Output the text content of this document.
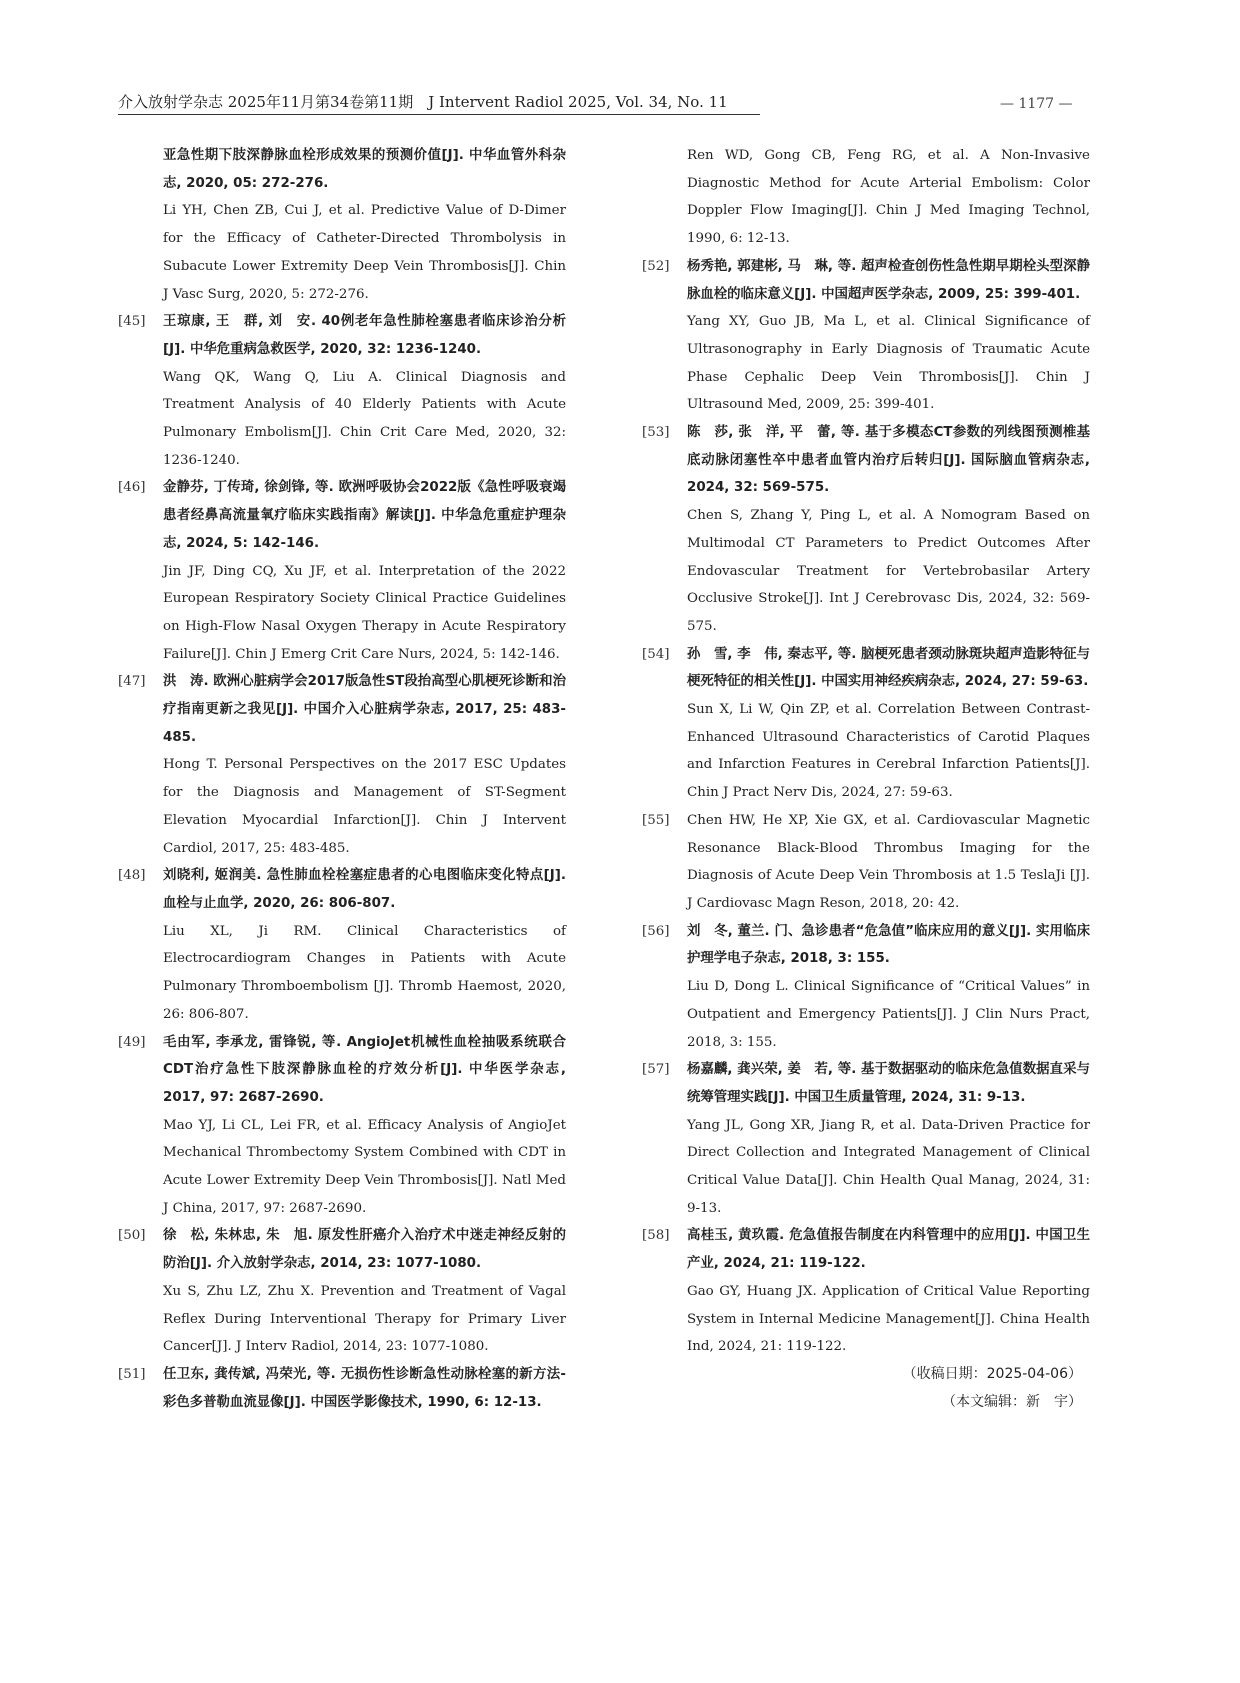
介入放射学杂志 2025年11月第34卷第11期　J Intervent Radiol 2025, Vol. 34, No. 11	— 1177 —
亚急性期下肢深静脉血栓形成效果的预测价值[J]. 中华血管外科杂志, 2020, 05: 272-276.
Li YH, Chen ZB, Cui J, et al. Predictive Value of D-Dimer for the Efficacy of Catheter-Directed Thrombolysis in Subacute Lower Extremity Deep Vein Thrombosis[J]. Chin J Vasc Surg, 2020, 5: 272-276.
[45] 王琼康, 王　群, 刘　安. 40例老年急性肺栓塞患者临床诊治分析[J]. 中华危重病急救医学, 2020, 32: 1236-1240.
Wang QK, Wang Q, Liu A. Clinical Diagnosis and Treatment Analysis of 40 Elderly Patients with Acute Pulmonary Embolism[J]. Chin Crit Care Med, 2020, 32: 1236-1240.
[46] 金静芬, 丁传琦, 徐剑锋, 等. 欧洲呼吸协会2022版《急性呼吸衰竭患者经鼻高流量氧疗临床实践指南》解读[J]. 中华急危重症护理杂志, 2024, 5: 142-146.
Jin JF, Ding CQ, Xu JF, et al. Interpretation of the 2022 European Respiratory Society Clinical Practice Guidelines on High-Flow Nasal Oxygen Therapy in Acute Respiratory Failure[J]. Chin J Emerg Crit Care Nurs, 2024, 5: 142-146.
[47] 洪　涛. 欧洲心脏病学会2017版急性ST段抬高型心肌梗死诊断和治疗指南更新之我见[J]. 中国介入心脏病学杂志, 2017, 25: 483-485.
Hong T. Personal Perspectives on the 2017 ESC Updates for the Diagnosis and Management of ST-Segment Elevation Myocardial Infarction[J]. Chin J Intervent Cardiol, 2017, 25: 483-485.
[48] 刘晓利, 姬润美. 急性肺血栓栓塞症患者的心电图临床变化特点[J]. 血栓与止血学, 2020, 26: 806-807.
Liu XL, Ji RM. Clinical Characteristics of Electrocardiogram Changes in Patients with Acute Pulmonary Thromboembolism [J]. Thromb Haemost, 2020, 26: 806-807.
[49] 毛由军, 李承龙, 雷锋锐, 等. AngioJet机械性血栓抽吸系统联合CDT治疗急性下肢深静脉血栓的疗效分析[J]. 中华医学杂志, 2017, 97: 2687-2690.
Mao YJ, Li CL, Lei FR, et al. Efficacy Analysis of AngioJet Mechanical Thrombectomy System Combined with CDT in Acute Lower Extremity Deep Vein Thrombosis[J]. Natl Med J China, 2017, 97: 2687-2690.
[50] 徐　松, 朱林忠, 朱　旭. 原发性肝癌介入治疗术中迷走神经反射的防治[J]. 介入放射学杂志, 2014, 23: 1077-1080.
Xu S, Zhu LZ, Zhu X. Prevention and Treatment of Vagal Reflex During Interventional Therapy for Primary Liver Cancer[J]. J Interv Radiol, 2014, 23: 1077-1080.
[51] 任卫东, 龚传斌, 冯荣光, 等. 无损伤性诊断急性动脉栓塞的新方法-彩色多普勒血流显像[J]. 中国医学影像技术, 1990, 6: 12-13.
Ren WD, Gong CB, Feng RG, et al. A Non-Invasive Diagnostic Method for Acute Arterial Embolism: Color Doppler Flow Imaging[J]. Chin J Med Imaging Technol, 1990, 6: 12-13.
[52] 杨秀艳, 郭建彬, 马　琳, 等. 超声检查创伤性急性期早期栓头型深静脉血栓的临床意义[J]. 中国超声医学杂志, 2009, 25: 399-401.
Yang XY, Guo JB, Ma L, et al. Clinical Significance of Ultrasonography in Early Diagnosis of Traumatic Acute Phase Cephalic Deep Vein Thrombosis[J]. Chin J Ultrasound Med, 2009, 25: 399-401.
[53] 陈　莎, 张　洋, 平　蕾, 等. 基于多模态CT参数的列线图预测椎基底动脉闭塞性卒中患者血管内治疗后转归[J]. 国际脑血管病杂志, 2024, 32: 569-575.
Chen S, Zhang Y, Ping L, et al. A Nomogram Based on Multimodal CT Parameters to Predict Outcomes After Endovascular Treatment for Vertebrobasilar Artery Occlusive Stroke[J]. Int J Cerebrovasc Dis, 2024, 32: 569-575.
[54] 孙　雪, 李　伟, 秦志平, 等. 脑梗死患者颈动脉斑块超声造影特征与梗死特征的相关性[J]. 中国实用神经疾病杂志, 2024, 27: 59-63.
Sun X, Li W, Qin ZP, et al. Correlation Between Contrast-Enhanced Ultrasound Characteristics of Carotid Plaques and Infarction Features in Cerebral Infarction Patients[J]. Chin J Pract Nerv Dis, 2024, 27: 59-63.
[55] Chen HW, He XP, Xie GX, et al. Cardiovascular Magnetic Resonance Black-Blood Thrombus Imaging for the Diagnosis of Acute Deep Vein Thrombosis at 1.5 TeslaJi [J]. J Cardiovasc Magn Reson, 2018, 20: 42.
[56] 刘　冬, 董兰. 门、急诊患者“危急值”临床应用的意义[J]. 实用临床护理学电子杂志, 2018, 3: 155.
Liu D, Dong L. Clinical Significance of “Critical Values” in Outpatient and Emergency Patients[J]. J Clin Nurs Pract, 2018, 3: 155.
[57] 杨嘉麟, 龚兴荣, 姜　若, 等. 基于数据驱动的临床危急值数据直采与统筹管理实践[J]. 中国卫生质量管理, 2024, 31: 9-13.
Yang JL, Gong XR, Jiang R, et al. Data-Driven Practice for Direct Collection and Integrated Management of Clinical Critical Value Data[J]. Chin Health Qual Manag, 2024, 31: 9-13.
[58] 高桂玉, 黄玖霞. 危急值报告制度在内科管理中的应用[J]. 中国卫生产业, 2024, 21: 119-122.
Gao GY, Huang JX. Application of Critical Value Reporting System in Internal Medicine Management[J]. China Health Ind, 2024, 21: 119-122.
（收稿日期：2025-04-06）
（本文编辑：新　宇）
